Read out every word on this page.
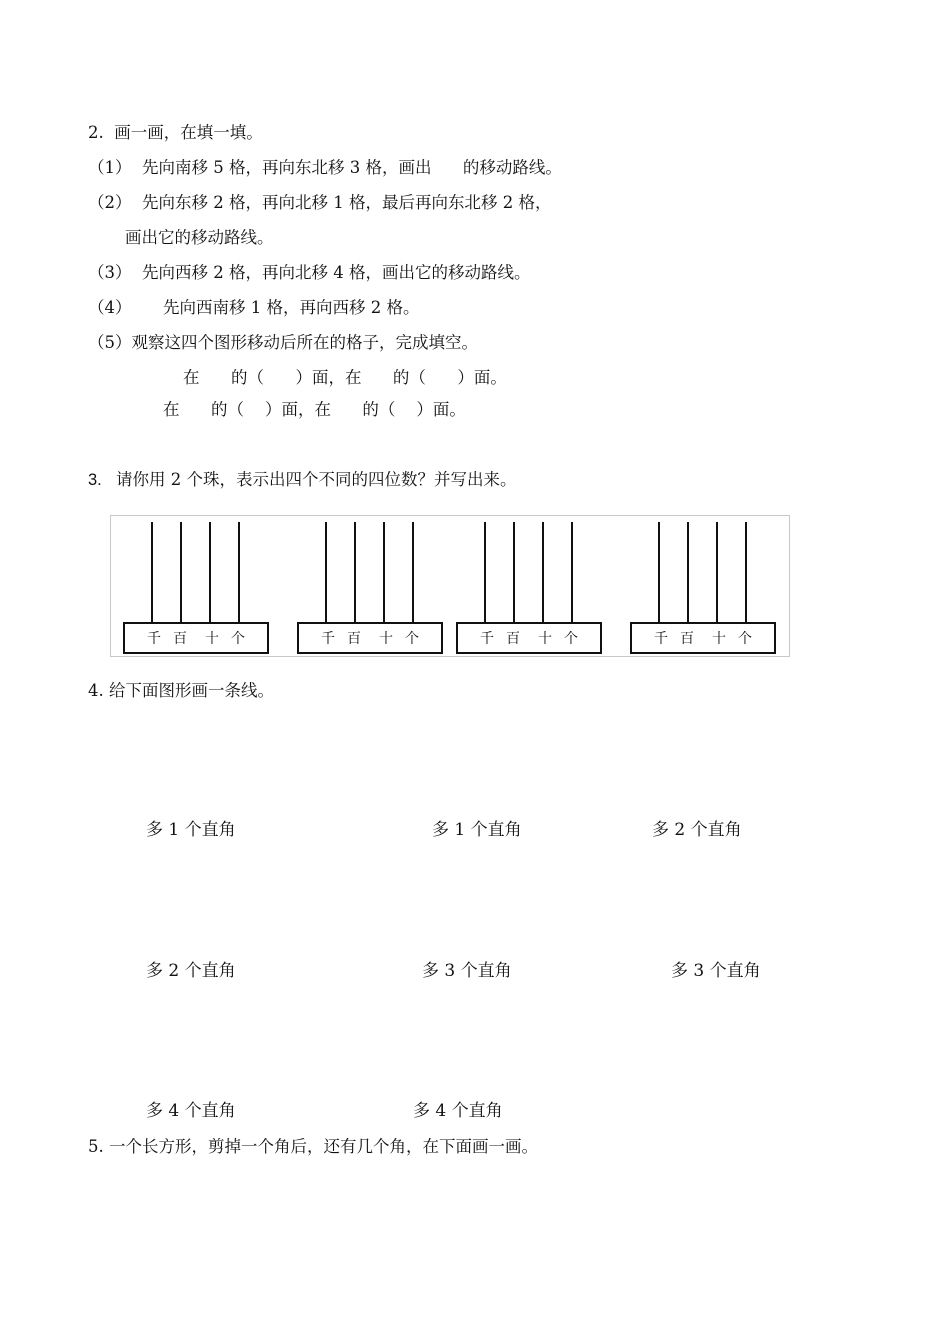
2.  画一画，在填一填。
（1）  先向南移 5 格，再向东北移 3 格，画出      的移动路线。
（2）  先向东移 2 格，再向北移 1 格，最后再向东北移 2 格，
画出它的移动路线。
（3）  先向西移 2 格，再向北移 4 格，画出它的移动路线。
（4）      先向西南移 1 格，再向西移 2 格。
（5）观察这四个图形移动后所在的格子，完成填空。
在      的（      ）面，在      的（      ）面。
在      的（    ）面，在      的（    ）面。
3. 请你用 2 个珠，表示出四个不同的四位数？并写出来。
千 百 十 个	千 百 十 个	千 百 十 个	千 百 十 个
4. 给下面图形画一条线。
多 1 个直角	多 1 个直角	多 2 个直角
多 2 个直角	多 3 个直角	多 3 个直角
多 4 个直角	多 4 个直角
5. 一个长方形，剪掉一个角后，还有几个角，在下面画一画。
